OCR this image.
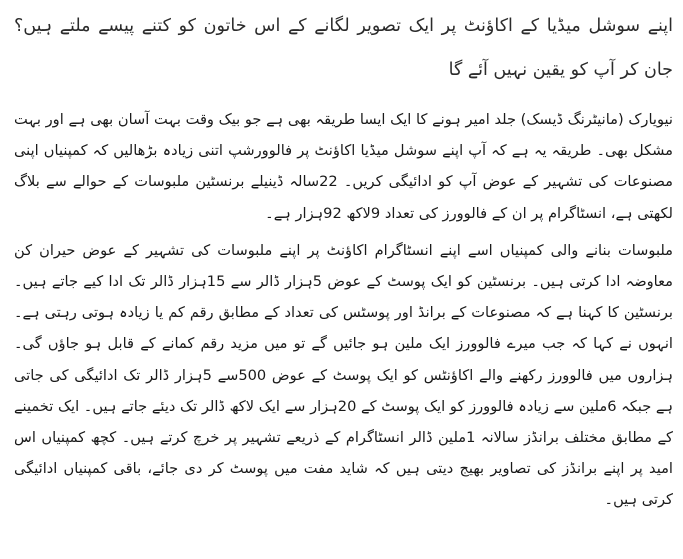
اپنے سوشل میڈیا کے اکاؤنٹ پر ایک تصویر لگانے کے اس خاتون کو کتنے پیسے ملتے ہیں؟ جان کر آپ کو یقین نہیں آئے گا

نیویارک (مانیٹرنگ ڈیسک) جلد امیر ہونے کا ایک ایسا طریقہ بھی ہے جو بیک وقت بہت آسان بھی ہے اور بہت مشکل بھی۔ طریقہ یہ ہے کہ آپ اپنے سوشل میڈیا اکاؤنٹ پر فالوورشپ اتنی زیادہ بڑھالیں کہ کمپنیاں اپنی مصنوعات کی تشہیر کے عوض آپ کو ادائیگی کریں۔ 22سالہ ڈینیلے برنسٹین ملبوسات کے حوالے سے بلاگ لکھتی ہے، انسٹاگرام پر ان کے فالوورز کی تعداد 9لاکھ 92ہزار ہے۔

ملبوسات بنانے والی کمپنیاں اسے اپنے انسٹاگرام اکاؤنٹ پر اپنے ملبوسات کی تشہیر کے عوض حیران کن معاوضہ ادا کرتی ہیں۔ برنسٹین کو ایک پوسٹ کے عوض 5ہزار ڈالر سے 15ہزار ڈالر تک ادا کیے جاتے ہیں۔ برنسٹین کا کہنا ہے کہ مصنوعات کے برانڈ اور پوسٹس کی تعداد کے مطابق رقم کم یا زیادہ ہوتی رہتی ہے۔ انہوں نے کہا کہ جب میرے فالوورز ایک ملین ہو جائیں گے تو میں مزید رقم کمانے کے قابل ہو جاؤں گی۔ ہزاروں میں فالوورز رکھنے والے اکاؤنٹس کو ایک پوسٹ کے عوض 500سے 5ہزار ڈالر تک ادائیگی کی جاتی ہے جبکہ 6ملین سے زیادہ فالوورز کو ایک پوسٹ کے 20ہزار سے ایک لاکھ ڈالر تک دیئے جاتے ہیں۔ ایک تخمینے کے مطابق مختلف برانڈز سالانہ 1ملین ڈالر انسٹاگرام کے ذریعے تشہیر پر خرچ کرتے ہیں۔ کچھ کمپنیاں اس امید پر اپنے برانڈز کی تصاویر بھیج دیتی ہیں کہ شاید مفت میں پوسٹ کر دی جائے، باقی کمپنیاں ادائیگی کرتی ہیں۔
